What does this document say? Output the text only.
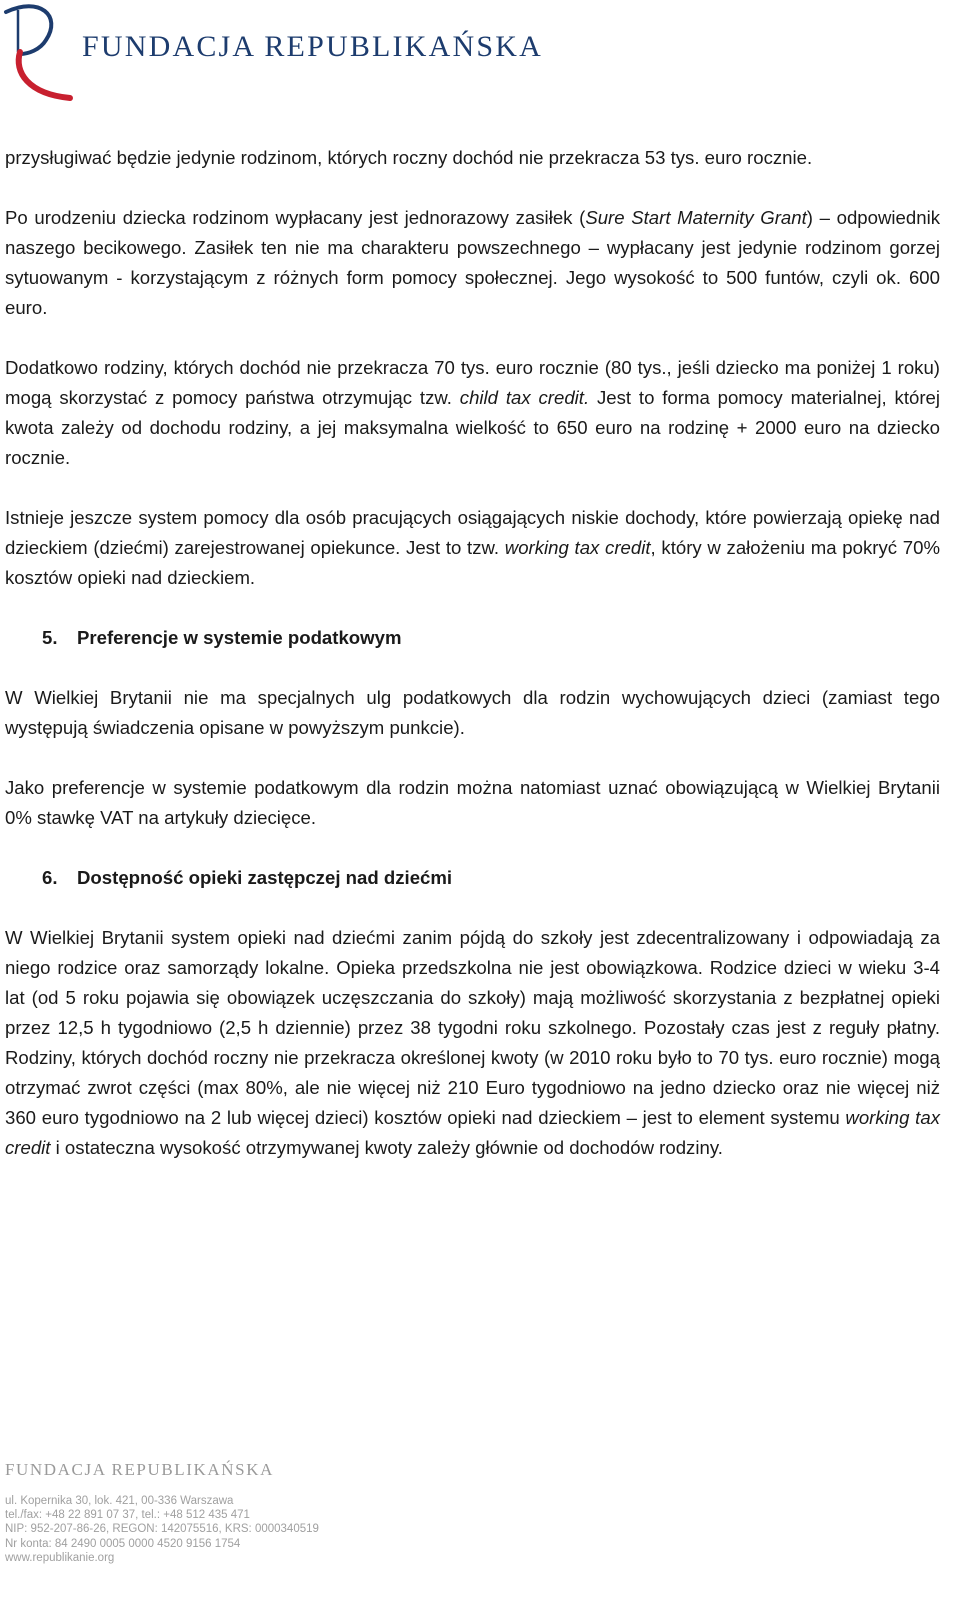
FUNDACJA REPUBLIKAŃSKA

przysługiwać będzie jedynie rodzinom, których roczny dochód nie przekracza 53 tys. euro rocznie.

Po urodzeniu dziecka rodzinom wypłacany jest jednorazowy zasiłek (Sure Start Maternity Grant) – odpowiednik naszego becikowego. Zasiłek ten nie ma charakteru powszechnego – wypłacany jest jedynie rodzinom gorzej sytuowanym - korzystającym z różnych form pomocy społecznej. Jego wysokość to 500 funtów, czyli ok. 600 euro.

Dodatkowo rodziny, których dochód nie przekracza 70 tys. euro rocznie (80 tys., jeśli dziecko ma poniżej 1 roku) mogą skorzystać z pomocy państwa otrzymując tzw. child tax credit. Jest to forma pomocy materialnej, której kwota zależy od dochodu rodziny, a jej maksymalna wielkość to 650 euro na rodzinę + 2000 euro na dziecko rocznie.

Istnieje jeszcze system pomocy dla osób pracujących osiągających niskie dochody, które powierzają opiekę nad dzieckiem (dziećmi) zarejestrowanej opiekunce. Jest to tzw. working tax credit, który w założeniu ma pokryć 70% kosztów opieki nad dzieckiem.

5. Preferencje w systemie podatkowym

W Wielkiej Brytanii nie ma specjalnych ulg podatkowych dla rodzin wychowujących dzieci (zamiast tego występują świadczenia opisane w powyższym punkcie).

Jako preferencje w systemie podatkowym dla rodzin można natomiast uznać obowiązującą w Wielkiej Brytanii 0% stawkę VAT na artykuły dziecięce.

6. Dostępność opieki zastępczej nad dziećmi

W Wielkiej Brytanii system opieki nad dziećmi zanim pójdą do szkoły jest zdecentralizowany i odpowiadają za niego rodzice oraz samorządy lokalne. Opieka przedszkolna nie jest obowiązkowa. Rodzice dzieci w wieku 3-4 lat (od 5 roku pojawia się obowiązek uczęszczania do szkoły) mają możliwość skorzystania z bezpłatnej opieki przez 12,5 h tygodniowo (2,5 h dziennie) przez 38 tygodni roku szkolnego. Pozostały czas jest z reguły płatny. Rodziny, których dochód roczny nie przekracza określonej kwoty (w 2010 roku było to 70 tys. euro rocznie) mogą otrzymać zwrot części (max 80%, ale nie więcej niż 210 Euro tygodniowo na jedno dziecko oraz nie więcej niż 360 euro tygodniowo na 2 lub więcej dzieci) kosztów opieki nad dzieckiem – jest to element systemu working tax credit i ostateczna wysokość otrzymywanej kwoty zależy głównie od dochodów rodziny.

FUNDACJA REPUBLIKAŃSKA
ul. Kopernika 30, lok. 421, 00-336 Warszawa
tel./fax: +48 22 891 07 37, tel.: +48 512 435 471
NIP: 952-207-86-26, REGON: 142075516, KRS: 0000340519
Nr konta: 84 2490 0005 0000 4520 9156 1754
www.republikanie.org
